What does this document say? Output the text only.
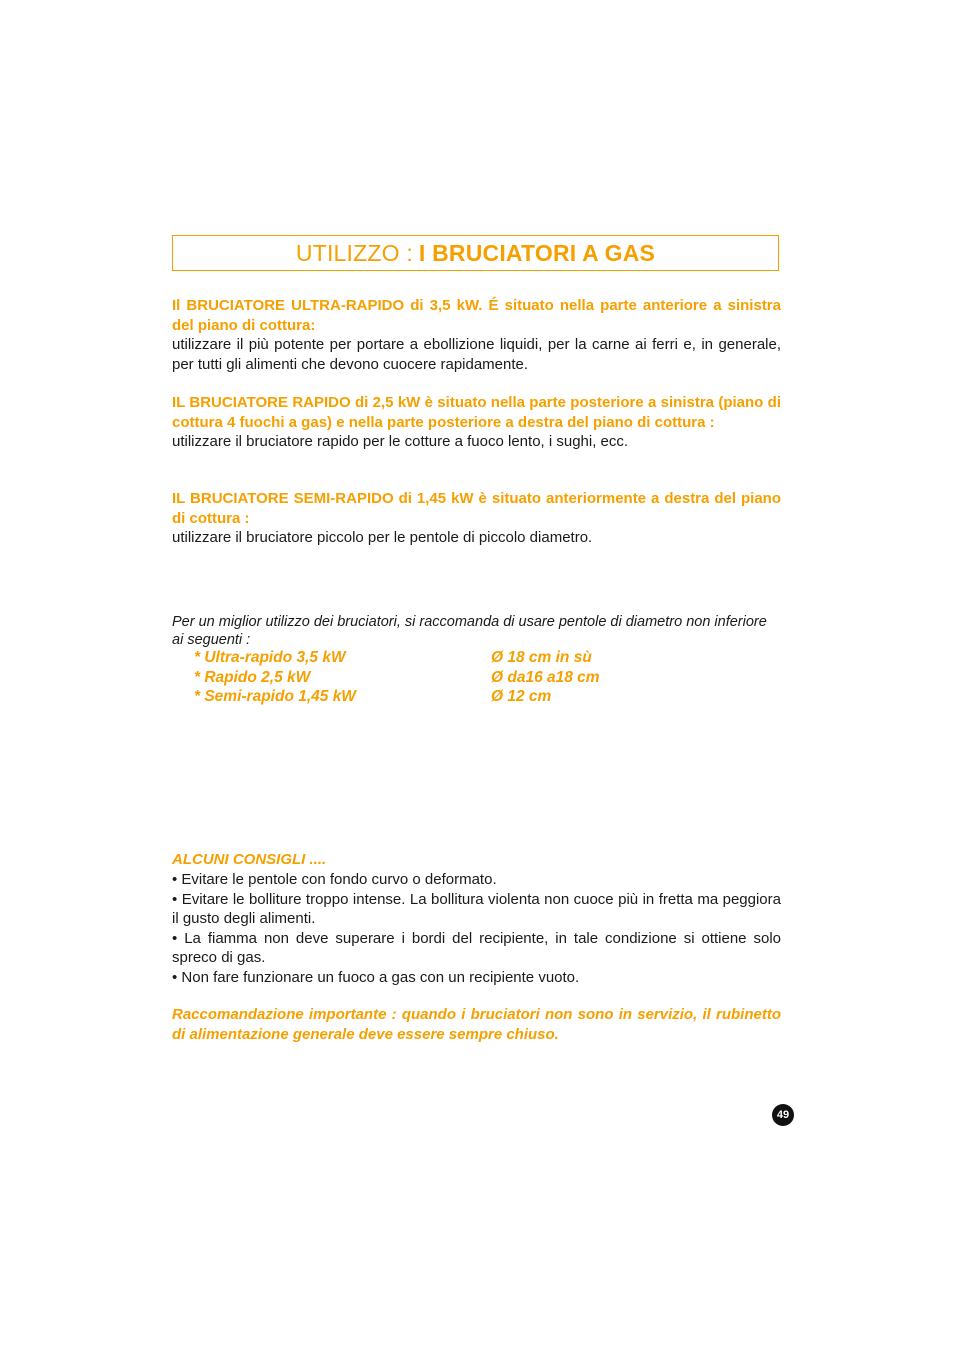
UTILIZZO : I BRUCIATORI A GAS
Il BRUCIATORE ULTRA-RAPIDO di 3,5 kW. É situato nella parte anteriore a sinistra del piano di cottura:
utilizzare il più potente per portare a ebollizione liquidi, per la carne ai ferri e, in generale, per tutti gli alimenti che devono cuocere rapidamente.
IL BRUCIATORE RAPIDO di 2,5 kW è situato nella parte posteriore a sinistra (piano di cottura 4 fuochi a gas) e nella parte posteriore a destra del piano di cottura :
utilizzare il bruciatore rapido per le cotture a fuoco lento, i sughi, ecc.
IL BRUCIATORE SEMI-RAPIDO di 1,45 kW è situato anteriormente a destra del piano di cottura :
utilizzare il bruciatore piccolo per le pentole di piccolo diametro.
Per un miglior utilizzo dei bruciatori, si raccomanda di usare pentole di diametro non inferiore ai seguenti :
* Ultra-rapido 3,5 kW	Ø 18 cm in sù
* Rapido 2,5 kW	Ø da16 a18 cm
* Semi-rapido 1,45 kW	Ø 12 cm
ALCUNI CONSIGLI ....
• Evitare le pentole con fondo curvo o deformato.
• Evitare le bolliture troppo intense. La bollitura violenta non cuoce più in fretta ma peggiora il gusto degli alimenti.
• La fiamma non deve superare i bordi del recipiente, in tale condizione si ottiene solo spreco di gas.
• Non fare funzionare un fuoco a gas con un recipiente vuoto.
Raccomandazione importante : quando i bruciatori non sono in servizio, il rubinetto di alimentazione generale deve essere sempre chiuso.
49
